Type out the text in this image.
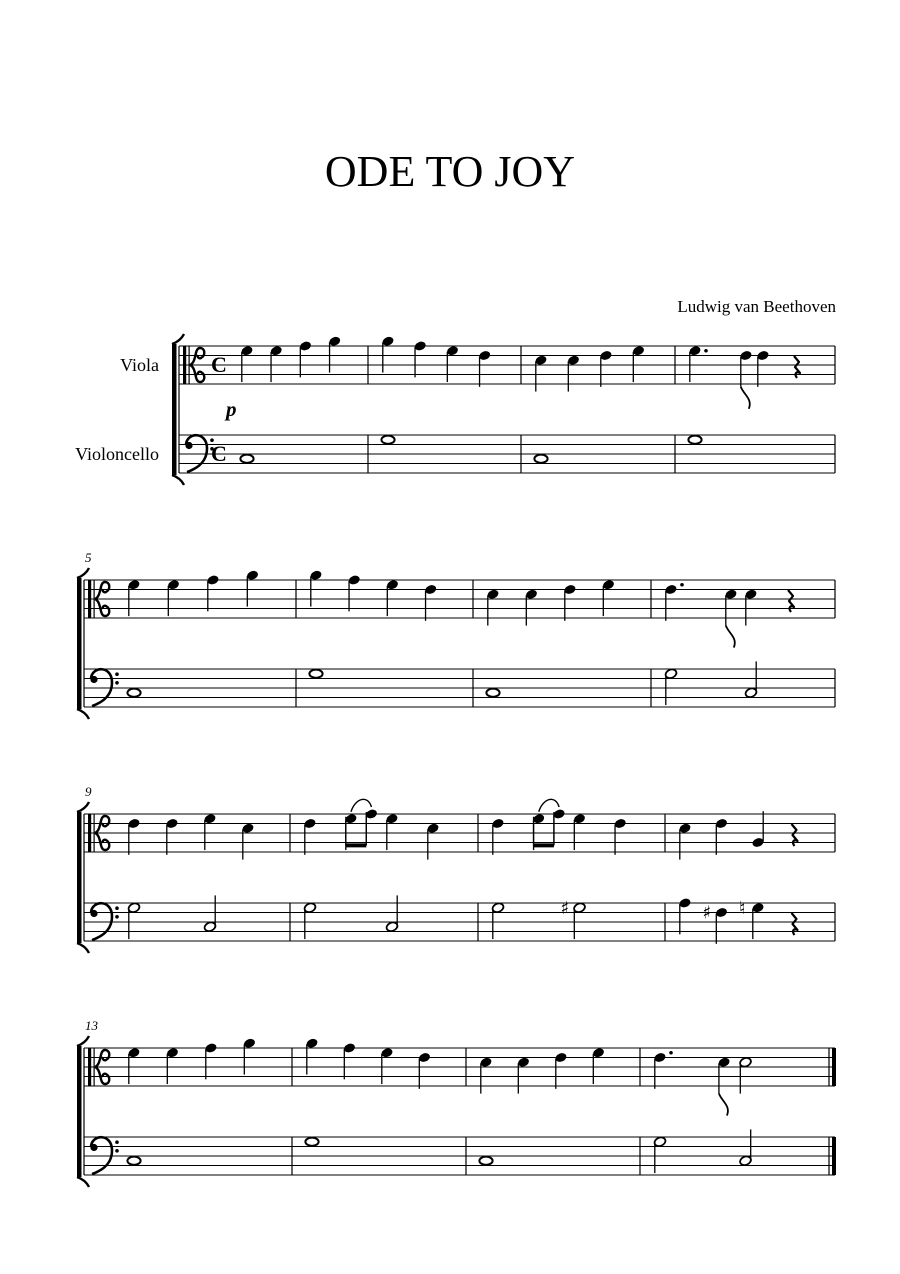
ODE TO JOY
Ludwig van Beethoven
Viola
Violoncello
C
C
5
9
♯	♯ ♮
13
p
